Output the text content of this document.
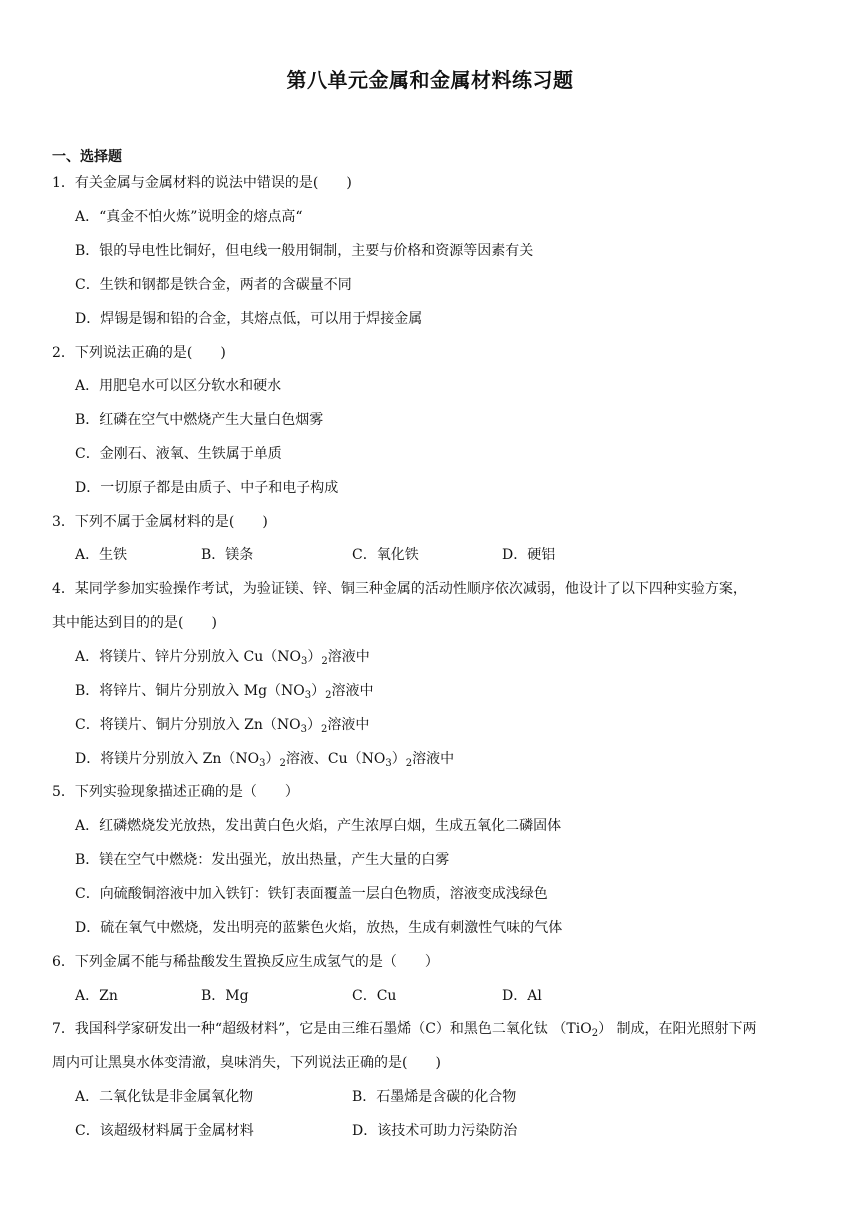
第八单元金属和金属材料练习题
一、选择题
1．有关金属与金属材料的说法中错误的是(　　)
A．“真金不怕火炼”说明金的熔点高“
B．银的导电性比铜好，但电线一般用铜制，主要与价格和资源等因素有关
C．生铁和钢都是铁合金，两者的含碳量不同
D．焊锡是锡和铅的合金，其熔点低，可以用于焊接金属
2．下列说法正确的是(　　)
A．用肥皂水可以区分软水和硬水
B．红磷在空气中燃烧产生大量白色烟雾
C．金刚石、液氧、生铁属于单质
D．一切原子都是由质子、中子和电子构成
3．下列不属于金属材料的是(　　)
A．生铁	B．镁条	C．氧化铁	D．硬铝
4．某同学参加实验操作考试，为验证镁、锌、铜三种金属的活动性顺序依次减弱，他设计了以下四种实验方案，
其中能达到目的的是(　　)
A．将镁片、锌片分别放入 $Cu(NO_3)_2$溶液中
B．将锌片、铜片分别放入 $Mg(NO_3)_2$溶液中
C．将镁片、铜片分别放入 $Zn(NO_3)_2$溶液中
D．将镁片分别放入 $Zn(NO_3)_2$溶液、$Cu(NO_3)_2$溶液中
5．下列实验现象描述正确的是（　　）
A．红磷燃烧发光放热，发出黄白色火焰，产生浓厚白烟，生成五氧化二磷固体
B．镁在空气中燃烧：发出强光，放出热量，产生大量的白雾
C．向硫酸铜溶液中加入铁钉：铁钉表面覆盖一层白色物质，溶液变成浅绿色
D．硫在氧气中燃烧，发出明亮的蓝紫色火焰，放热，生成有刺激性气味的气体
6．下列金属不能与稀盐酸发生置换反应生成氢气的是（　　）
A．Zn	B．Mg	C．Cu	D．Al
7．我国科学家研发出一种“超级材料”，它是由三维石墨烯（C）和黑色二氧化钛 （TiO$_2$） 制成，在阳光照射下两
周内可让黑臭水体变清澈，臭味消失，下列说法正确的是(　　)
A．二氧化钛是非金属氧化物	B．石墨烯是含碳的化合物
C．该超级材料属于金属材料	D．该技术可助力污染防治
